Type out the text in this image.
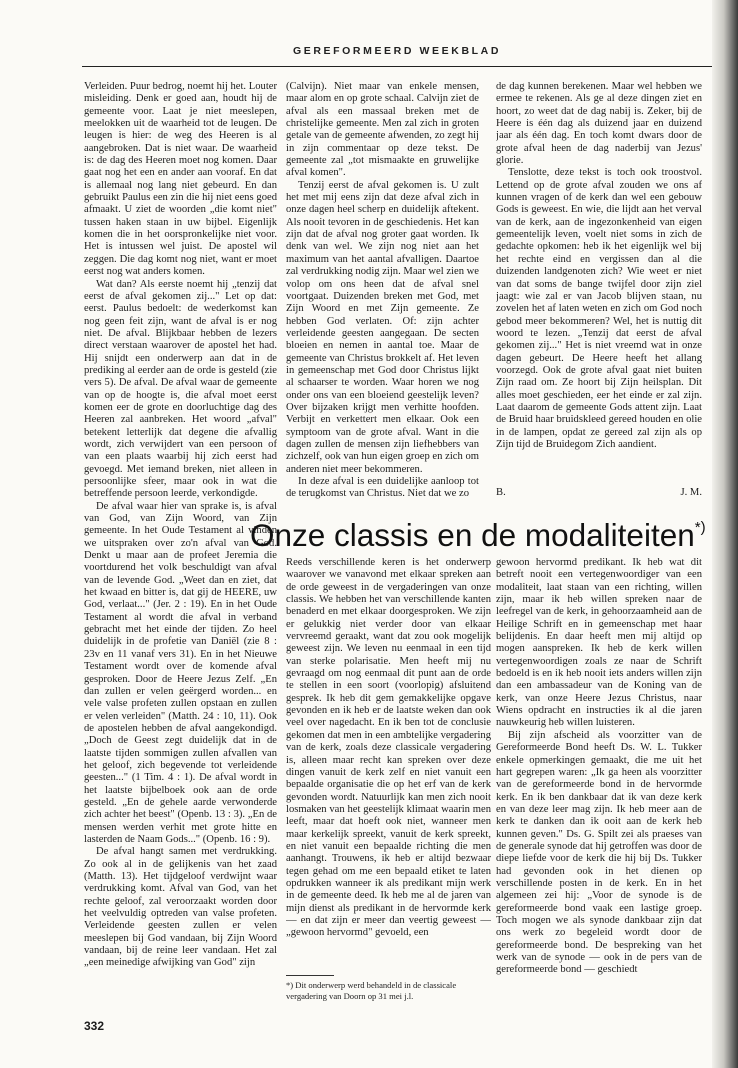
GEREFORMEERD WEEKBLAD

Verleiden. Puur bedrog, noemt hij het. Louter misleiding. Denk er goed aan, houdt hij de gemeente voor. Laat je niet meeslepen, meelokken uit de waarheid tot de leugen. De leugen is hier: de weg des Heeren is al aangebroken. Dat is niet waar. De waarheid is: de dag des Heeren moet nog komen. Daar gaat nog het een en ander aan vooraf. En dat is allemaal nog lang niet gebeurd. En dan gebruikt Paulus een zin die hij niet eens goed afmaakt. U ziet de woorden „die komt niet" tussen haken staan in uw bijbel. Eigenlijk komen die in het oorspronkelijke niet voor. Het is intussen wel juist. De apostel wil zeggen. Die dag komt nog niet, want er moet eerst nog wat anders komen.

Wat dan? Als eerste noemt hij „tenzij dat eerst de afval gekomen zij..." Let op dat: eerst. Paulus bedoelt: de wederkomst kan nog geen feit zijn, want de afval is er nog niet. De afval. Blijkbaar hebben de lezers direct verstaan waarover de apostel het had. Hij snijdt een onderwerp aan dat in de prediking al eerder aan de orde is gesteld (zie vers 5). De afval. De afval waar de gemeente van op de hoogte is, die afval moet eerst komen eer de grote en doorluchtige dag des Heeren zal aanbreken. Het woord „afval" betekent letterlijk dat degene die afvallig wordt, zich verwijdert van een persoon of van een plaats waarbij hij zich eerst had gevoegd. Met iemand breken, niet alleen in persoonlijke sfeer, maar ook in wat die betreffende persoon leerde, verkondigde.

De afval waar hier van sprake is, is afval van God, van Zijn Woord, van Zijn gemeente. In het Oude Testament al vinden we uitspraken over zo'n afval van God. Denkt u maar aan de profeet Jeremia die voortdurend het volk beschuldigt van afval van de levende God. „Weet dan en ziet, dat het kwaad en bitter is, dat gij de HEERE, uw God, verlaat..." (Jer. 2 : 19). En in het Oude Testament al wordt die afval in verband gebracht met het einde der tijden. Zo heel duidelijk in de profetie van Daniël (zie 8 : 23v en 11 vanaf vers 31). En in het Nieuwe Testament wordt over de komende afval gesproken. Door de Heere Jezus Zelf. „En dan zullen er velen geërgerd worden... en vele valse profeten zullen opstaan en zullen er velen verleiden" (Matth. 24 : 10, 11). Ook de apostelen hebben de afval aangekondigd. „Doch de Geest zegt duidelijk dat in de laatste tijden sommigen zullen afvallen van het geloof, zich begevende tot verleidende geesten..." (1 Tim. 4 : 1). De afval wordt in het laatste bijbelboek ook aan de orde gesteld. „En de gehele aarde verwonderde zich achter het beest" (Openb. 13 : 3). „En de mensen werden verhit met grote hitte en lasterden de Naam Gods..." (Openb. 16 : 9).

De afval hangt samen met verdrukking. Zo ook al in de gelijkenis van het zaad (Matth. 13). Het tijdgeloof verdwijnt waar verdrukking komt. Afval van God, van het rechte geloof, zal veroorzaakt worden door het veelvuldig optreden van valse profeten. Verleidende geesten zullen er velen meeslepen bij God vandaan, bij Zijn Woord vandaan, bij de reine leer vandaan. Het zal „een meinedige afwijking van God" zijn

(Calvijn). Niet maar van enkele mensen, maar alom en op grote schaal. Calvijn ziet de afval als een massaal breken met de christelijke gemeente. Men zal zich in groten getale van de gemeente afwenden, zo zegt hij in zijn commentaar op deze tekst. De gemeente zal „tot mismaakte en gruwelijke afval komen".

Tenzij eerst de afval gekomen is. U zult het met mij eens zijn dat deze afval zich in onze dagen heel scherp en duidelijk aftekent. Als nooit tevoren in de geschiedenis. Het kan zijn dat de afval nog groter gaat worden. Ik denk van wel. We zijn nog niet aan het maximum van het aantal afvalligen. Daartoe zal verdrukking nodig zijn. Maar wel zien we volop om ons heen dat de afval snel voortgaat. Duizenden breken met God, met Zijn Woord en met Zijn gemeente. Ze hebben God verlaten. Of: zijn achter verleidende geesten aangegaan. De secten bloeien en nemen in aantal toe. Maar de gemeente van Christus brokkelt af. Het leven in gemeenschap met God door Christus lijkt al schaarser te worden. Waar horen we nog onder ons van een bloeiend geestelijk leven? Over bijzaken krijgt men verhitte hoofden. Verbijt en verkettert men elkaar. Ook een symptoom van de grote afval. Want in die dagen zullen de mensen zijn liefhebbers van zichzelf, ook van hun eigen groep en zich om anderen niet meer bekommeren.

In deze afval is een duidelijke aanloop tot de terugkomst van Christus. Niet dat we zo

de dag kunnen berekenen. Maar wel hebben we ermee te rekenen. Als ge al deze dingen ziet en hoort, zo weet dat de dag nabij is. Zeker, bij de Heere is één dag als duizend jaar en duizend jaar als één dag. En toch komt dwars door de grote afval heen de dag naderbij van Jezus' glorie.

Tenslotte, deze tekst is toch ook troostvol. Lettend op de grote afval zouden we ons af kunnen vragen of de kerk dan wel een gebouw Gods is geweest. En wie, die lijdt aan het verval van de kerk, aan de ingezonkenheid van eigen gemeentelijk leven, voelt niet soms in zich de gedachte opkomen: heb ik het eigenlijk wel bij het rechte eind en vergissen dan al die duizenden landgenoten zich? Wie weet er niet van dat soms de bange twijfel door zijn ziel jaagt: wie zal er van Jacob blijven staan, nu zovelen het af laten weten en zich om God noch gebod meer bekommeren? Wel, het is nuttig dit woord te lezen. „Tenzij dat eerst de afval gekomen zij..." Het is niet vreemd wat in onze dagen gebeurt. De Heere heeft het allang voorzegd. Ook de grote afval gaat niet buiten Zijn raad om. Ze hoort bij Zijn heilsplan. Dit alles moet geschieden, eer het einde er zal zijn. Laat daarom de gemeente Gods attent zijn. Laat de Bruid haar bruidskleed gereed houden en olie in de lampen, opdat ze gereed zal zijn als op Zijn tijd de Bruidegom Zich aandient.

B.	J. M.
Onze classis en de modaliteiten*)

Reeds verschillende keren is het onderwerp waarover we vanavond met elkaar spreken aan de orde geweest in de vergaderingen van onze classis. We hebben het van verschillende kanten benaderd en met elkaar doorgesproken. We zijn er gelukkig niet verder door van elkaar vervreemd geraakt, want dat zou ook mogelijk geweest zijn. We leven nu eenmaal in een tijd van sterke polarisatie. Men heeft mij nu gevraagd om nog eenmaal dit punt aan de orde te stellen in een soort (voorlopig) afsluitend gesprek. Ik heb dit gem gemakkelijke opgave gevonden en ik heb er de laatste weken dan ook veel over nagedacht. En ik ben tot de conclusie gekomen dat men in een ambtelijke vergadering van de kerk, zoals deze classicale vergadering is, alleen maar recht kan spreken over deze dingen vanuit de kerk zelf en niet vanuit een bepaalde organisatie die op het erf van de kerk gevonden wordt. Natuurlijk kan men zich nooit losmaken van het geestelijk klimaat waarin men leeft, maar dat hoeft ook niet, wanneer men maar kerkelijk spreekt, vanuit de kerk spreekt, en niet vanuit een bepaalde richting die men aanhangt. Trouwens, ik heb er altijd bezwaar tegen gehad om me een bepaald etiket te laten opdrukken wanneer ik als predikant mijn werk in de gemeente deed. Ik heb me al de jaren van mijn dienst als predikant in de hervormde kerk — en dat zijn er meer dan veertig geweest — „gewoon hervormd" gevoeld, een

*) Dit onderwerp werd behandeld in de classicale vergadering van Doorn op 31 mei j.l.

gewoon hervormd predikant. Ik heb wat dit betreft nooit een vertegenwoordiger van een modaliteit, laat staan van een richting, willen zijn, maar ik heb willen spreken naar de leefregel van de kerk, in gehoorzaamheid aan de Heilige Schrift en in gemeenschap met haar belijdenis. En daar heeft men mij altijd op mogen aanspreken. Ik heb de kerk willen vertegenwoordigen zoals ze naar de Schrift bedoeld is en ik heb nooit iets anders willen zijn dan een ambassadeur van de Koning van de kerk, van onze Heere Jezus Christus, naar Wiens opdracht en instructies ik al die jaren nauwkeurig heb willen luisteren.

Bij zijn afscheid als voorzitter van de Gereformeerde Bond heeft Ds. W. L. Tukker enkele opmerkingen gemaakt, die me uit het hart gegrepen waren: „Ik ga heen als voorzitter van de gereformeerde bond in de hervormde kerk. En ik ben dankbaar dat ik van deze kerk en van deze leer mag zijn. Ik heb meer aan de kerk te danken dan ik ooit aan de kerk heb kunnen geven." Ds. G. Spilt zei als praeses van de generale synode dat hij getroffen was door de diepe liefde voor de kerk die hij bij Ds. Tukker had gevonden ook in het dienen op verschillende posten in de kerk. En in het algemeen zei hij: „Voor de synode is de gereformeerde bond vaak een lastige groep. Toch mogen we als synode dankbaar zijn dat ons werk zo begeleid wordt door de gereformeerde bond. De bespreking van het werk van de synode — ook in de pers van de gereformeerde bond — geschiedt

332
